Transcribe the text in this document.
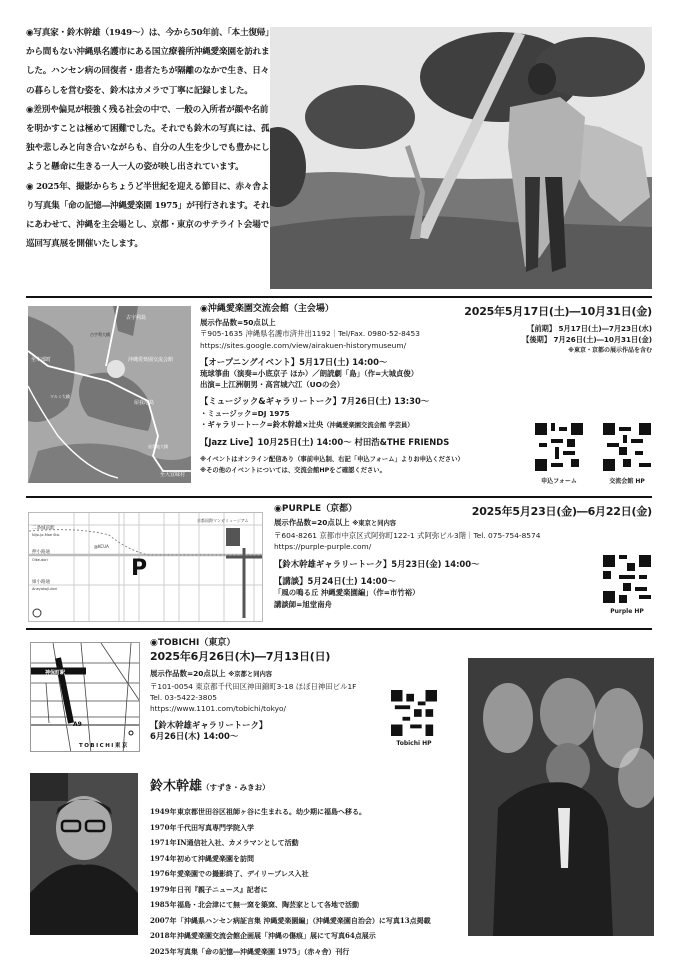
◉写真家・鈴木幹雄（1949〜）は、今から50年前、「本土復帰」から間もない沖縄県名護市にある国立療養所沖縄愛楽園を訪れました。ハンセン病の回復者・患者たちが隔離のなかで生き、日々の暮らしを営む姿を、鈴木はカメラで丁寧に記録しました。

◉差別や偏見が根強く残る社会の中で、一般の入所者が顔や名前を明かすことは極めて困難でした。それでも鈴木の写真には、孤独や悲しみと向き合いながらも、自分の人生を少しでも豊かにしようと懸命に生きる一人一人の姿が映し出されています。

◉ 2025年、撮影からちょうど半世紀を迎える節目に、赤々舎より写真集「命の記憶―沖縄愛楽園 1975」が刊行されます。それにあわせて、沖縄を主会場とし、京都・東京のサテライト会場で巡回写真展を開催いたします。

沖縄愛楽園交流会館
古宇利島
古宇利大橋
至本部町
ワルミ大橋
屋我地島
屋我地大橋
至大宜味村
◉沖縄愛楽園交流会館（主会場）
展示作品数=50点以上
〒905-1635 沖縄県名護市済井出1192｜Tel/Fax. 0980-52-8453
https://sites.google.com/view/airakuen-historymuseum/
【オープニングイベント】5月17日(土) 14:00〜
琉球箏曲（演奏=小底京子 ほか）／朗読劇「島」（作=大城貞俊）
出演=上江洲朝男・高宮城六江（UOの会）
【ミュージック&ギャラリートーク】7月26日(土) 13:30〜
・ミュージック=DJ 1975
・ギャラリートーク=鈴木幹雄×辻央（沖縄愛楽園交流会館 学芸員）
【Jazz Live】10月25日(土) 14:00〜 村田浩&THE FRIENDS
※イベントはオンライン配信あり（事前申込制、右記「申込フォーム」よりお申込ください）
※その他のイベントについては、交流会館HPをご確認ください。
2025年5月17日(土)―10月31日(金)
【前期】 5月17日(土)―7月23日(水)
【後期】 7月26日(土)―10月31日(金)
※東京・京都の展示作品を含む
申込フォーム	交流会館 HP
P
二条城前駅
Nijo-Jo-Mae Sta.
@KCUA
押小路通
Oike-dori
姉小路通
Aneyakoji-dori
京都国際マンガミュージアム
◉PURPLE（京都）
展示作品数=20点以上 ※東京と同内容
〒604-8261 京都市中京区式阿弥町122-1 式阿弥ビル3階｜Tel. 075-754-8574
https://purple-purple.com/
【鈴木幹雄ギャラリートーク】5月23日(金) 14:00〜
【講談】5月24日(土) 14:00〜
「風の鳴る丘 沖縄愛楽園編」（作=市竹裕）
講談師=旭堂南舟
2025年5月23日(金)―6月22日(金)
Purple HP
神保町駅
A9
TOBICHI東京
◉TOBICHI（東京）
2025年6月26日(木)―7月13日(日)
展示作品数=20点以上 ※京都と同内容
〒101-0054 東京都千代田区神田錦町3-18 ほぼ日神田ビル1F
Tel. 03-5422-3805
https://www.1101.com/tobichi/tokyo/
【鈴木幹雄ギャラリートーク】
6月26日(木) 14:00〜
Tobichi HP
鈴木幹雄（すずき・みきお）
1949年東京都世田谷区祖師ヶ谷に生まれる。幼少期に福島へ移る。
1970年千代田写真専門学院入学
1971年IN通信社入社、カメラマンとして活動
1974年初めて沖縄愛楽園を訪問
1976年愛楽園での撮影終了、デイリープレス入社
1979年日刊『親子ニュース』記者に
1985年福島・北会津にて無一窯を築窯、陶芸家として各地で活動
2007年「沖縄県ハンセン病証言集 沖縄愛楽園編」（沖縄愛楽園自治会）に写真13点掲載
2018年沖縄愛楽園交流会館企画展「沖縄の傷痕」展にて写真64点展示
2025年写真集「命の記憶―沖縄愛楽園 1975」（赤々舎）刊行
